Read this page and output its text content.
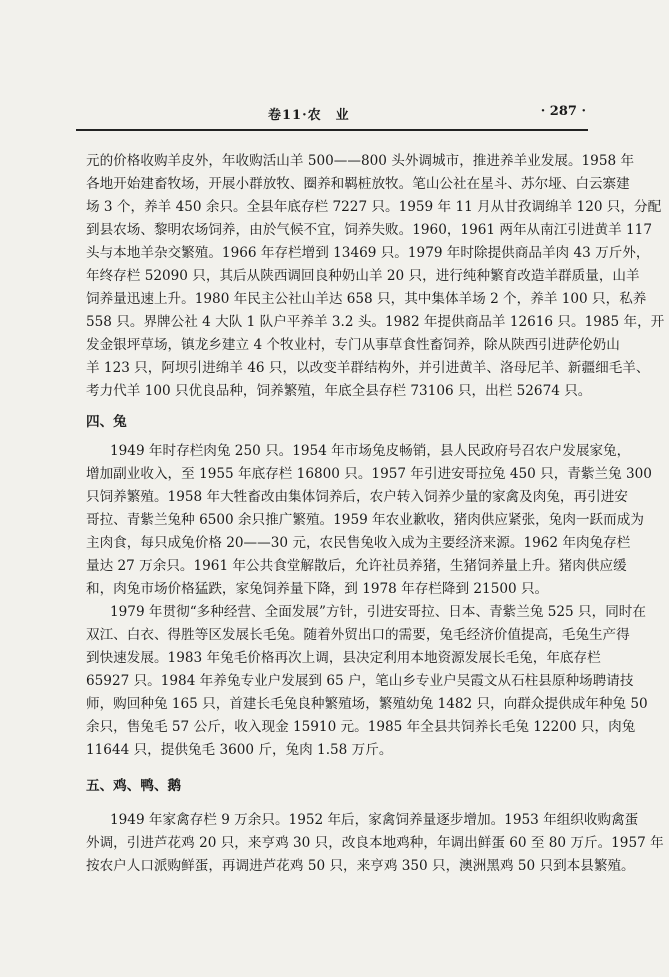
卷11·农　业	· 287 ·
元的价格收购羊皮外，年收购活山羊 500——800 头外调城市，推进养羊业发展。1958 年
各地开始建畜牧场，开展小群放牧、圈养和羁桩放牧。笔山公社在星斗、苏尔垭、白云寨建
场 3 个，养羊 450 余只。全县年底存栏 7227 只。1959 年 11 月从甘孜调绵羊 120 只，分配
到县农场、黎明农场饲养，由於气候不宜，饲养失败。1960，1961 两年从南江引进黄羊 117
头与本地羊杂交繁殖。1966 年存栏增到 13469 只。1979 年时除提供商品羊肉 43 万斤外，
年终存栏 52090 只，其后从陕西调回良种奶山羊 20 只，进行纯种繁育改造羊群质量，山羊
饲养量迅速上升。1980 年民主公社山羊达 658 只，其中集体羊场 2 个，养羊 100 只，私养
558 只。界牌公社 4 大队 1 队户平养羊 3.2 头。1982 年提供商品羊 12616 只。1985 年，开
发金银坪草场，镇龙乡建立 4 个牧业村，专门从事草食性畜饲养，除从陕西引进萨伦奶山
羊 123 只，阿坝引进绵羊 46 只，以改变羊群结构外，并引进黄羊、洛母尼羊、新疆细毛羊、
考力代羊 100 只优良品种，饲养繁殖，年底全县存栏 73106 只，出栏 52674 只。
四、兔
1949 年时存栏肉兔 250 只。1954 年市场兔皮畅销，县人民政府号召农户发展家兔，
增加副业收入，至 1955 年底存栏 16800 只。1957 年引进安哥拉兔 450 只，青紫兰兔 300
只饲养繁殖。1958 年大牲畜改由集体饲养后，农户转入饲养少量的家禽及肉兔，再引进安
哥拉、青紫兰兔种 6500 余只推广繁殖。1959 年农业歉收，猪肉供应紧张，兔肉一跃而成为
主肉食，每只成兔价格 20——30 元，农民售兔收入成为主要经济来源。1962 年肉兔存栏
量达 27 万余只。1961 年公共食堂解散后，允许社员养猪，生猪饲养量上升。猪肉供应缓
和，肉兔市场价格猛跌，家兔饲养量下降，到 1978 年存栏降到 21500 只。
1979 年贯彻“多种经营、全面发展”方针，引进安哥拉、日本、青紫兰兔 525 只，同时在
双江、白衣、得胜等区发展长毛兔。随着外贸出口的需要，兔毛经济价值提高，毛兔生产得
到快速发展。1983 年兔毛价格再次上调，县决定利用本地资源发展长毛兔，年底存栏
65927 只。1984 年养兔专业户发展到 65 户，笔山乡专业户吴霞文从石柱县原种场聘请技
师，购回种兔 165 只，首建长毛兔良种繁殖场，繁殖幼兔 1482 只，向群众提供成年种兔 50
余只，售兔毛 57 公斤，收入现金 15910 元。1985 年全县共饲养长毛兔 12200 只，肉兔
11644 只，提供兔毛 3600 斤，兔肉 1.58 万斤。
五、鸡、鸭、鹅
1949 年家禽存栏 9 万余只。1952 年后，家禽饲养量逐步增加。1953 年组织收购禽蛋
外调，引进芦花鸡 20 只，来亨鸡 30 只，改良本地鸡种，年调出鲜蛋 60 至 80 万斤。1957 年
按农户人口派购鲜蛋，再调进芦花鸡 50 只，来亨鸡 350 只，澳洲黑鸡 50 只到本县繁殖。
